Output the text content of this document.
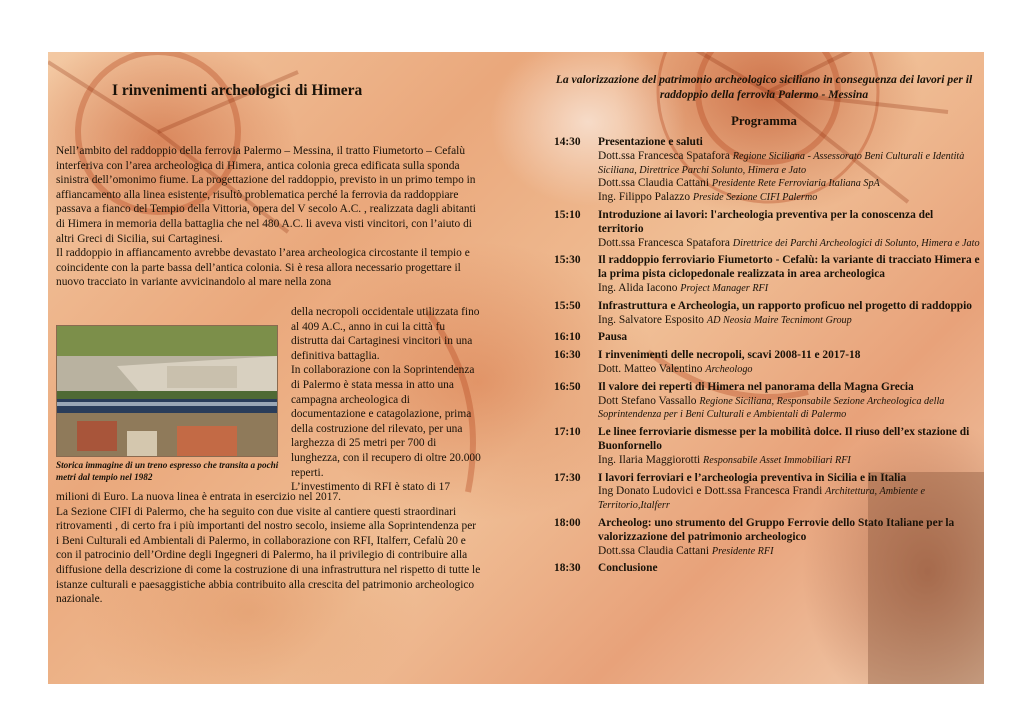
I rinvenimenti archeologici di Himera

Nell’ambito del raddoppio della ferrovia Palermo – Messina, il tratto Fiumetorto – Cefalù interferiva con l’area archeologica di Himera, antica colonia greca edificata sulla sponda sinistra dell’omonimo fiume. La progettazione del raddoppio, previsto in un primo tempo in affiancamento alla linea esistente, risultò problematica perché la ferrovia da raddoppiare passava a fianco del Tempio della Vittoria, opera del V secolo A.C. , realizzata dagli abitanti di Himera in memoria della battaglia che nel 480 A.C. li aveva visti vincitori, con l’aiuto di altri Greci di Sicilia, sui Cartaginesi.

Il raddoppio in affiancamento avrebbe devastato l’area archeologica circostante il tempio e coincidente con la parte bassa dell’antica colonia. Si è resa allora necessario progettare il nuovo tracciato in variante avvicinandolo al mare nella zona

Storica immagine di un treno espresso che transita a pochi metri dal tempio nel 1982

della necropoli occidentale utilizzata fino al 409 A.C., anno in cui la città fu distrutta dai Cartaginesi vincitori in una definitiva battaglia.

In collaborazione con la Soprintendenza di Palermo è stata messa in atto una campagna archeologica di documentazione e catagolazione, prima della costruzione del rilevato, per una larghezza di 25 metri per 700 di lunghezza, con il recupero di oltre 20.000 reperti.

L’investimento di RFI è stato di 17

milioni di Euro. La nuova linea è entrata in esercizio nel 2017.

La Sezione CIFI di Palermo, che ha seguito con due visite al cantiere questi straordinari ritrovamenti , di certo fra i più importanti del nostro secolo, insieme alla Soprintendenza per i Beni Culturali ed Ambientali di Palermo, in collaborazione con RFI, Italferr, Cefalù 20 e con il patrocinio dell’Ordine degli Ingegneri di Palermo, ha il privilegio di contribuire alla diffusione della descrizione di come la costruzione di una infrastruttura nel rispetto di tutte le istanze culturali e paesaggistiche abbia contribuito alla crescita del patrimonio archeologico nazionale.

La valorizzazione del patrimonio archeologico siciliano in conseguenza dei lavori per il raddoppio della ferrovia Palermo - Messina
Programma
14:30	Presentazione e saluti
Dott.ssa Francesca Spatafora Regione Siciliana - Assessorato Beni Culturali e Identità Siciliana, Direttrice Parchi Solunto, Himera e Jato
Dott.ssa Claudia Cattani Presidente Rete Ferroviaria Italiana SpA
Ing. Filippo Palazzo Preside Sezione CIFI Palermo
15:10	Introduzione ai lavori: l'archeologia preventiva per la conoscenza del territorio
Dott.ssa Francesca Spatafora Direttrice dei Parchi Archeologici di Solunto, Himera e Jato
15:30	Il raddoppio ferroviario Fiumetorto - Cefalù: la variante di tracciato Himera e la prima pista ciclopedonale realizzata in area archeologica
Ing. Alida Iacono Project Manager RFI
15:50	Infrastruttura e Archeologia, un rapporto proficuo nel progetto di raddoppio
Ing. Salvatore Esposito AD Neosia Maire Tecnimont Group
16:10	Pausa
16:30	I rinvenimenti delle necropoli, scavi 2008-11 e 2017-18
Dott. Matteo Valentino Archeologo
16:50	Il valore dei reperti di Himera nel panorama della Magna Grecia
Dott Stefano Vassallo Regione Siciliana, Responsabile Sezione Archeologica della Soprintendenza per i Beni Culturali e Ambientali di Palermo
17:10	Le linee ferroviarie dismesse per la mobilità dolce. Il riuso dell’ex stazione di Buonfornello
Ing. Ilaria Maggiorotti Responsabile Asset Immobiliari RFI
17:30	I lavori ferroviari e l’archeologia preventiva in Sicilia e in Italia
Ing Donato Ludovici e Dott.ssa Francesca Frandi Architettura, Ambiente e Territorio,Italferr
18:00	Archeolog: uno strumento del Gruppo Ferrovie dello Stato Italiane per la valorizzazione del patrimonio archeologico
Dott.ssa Claudia Cattani Presidente RFI
18:30	Conclusione
